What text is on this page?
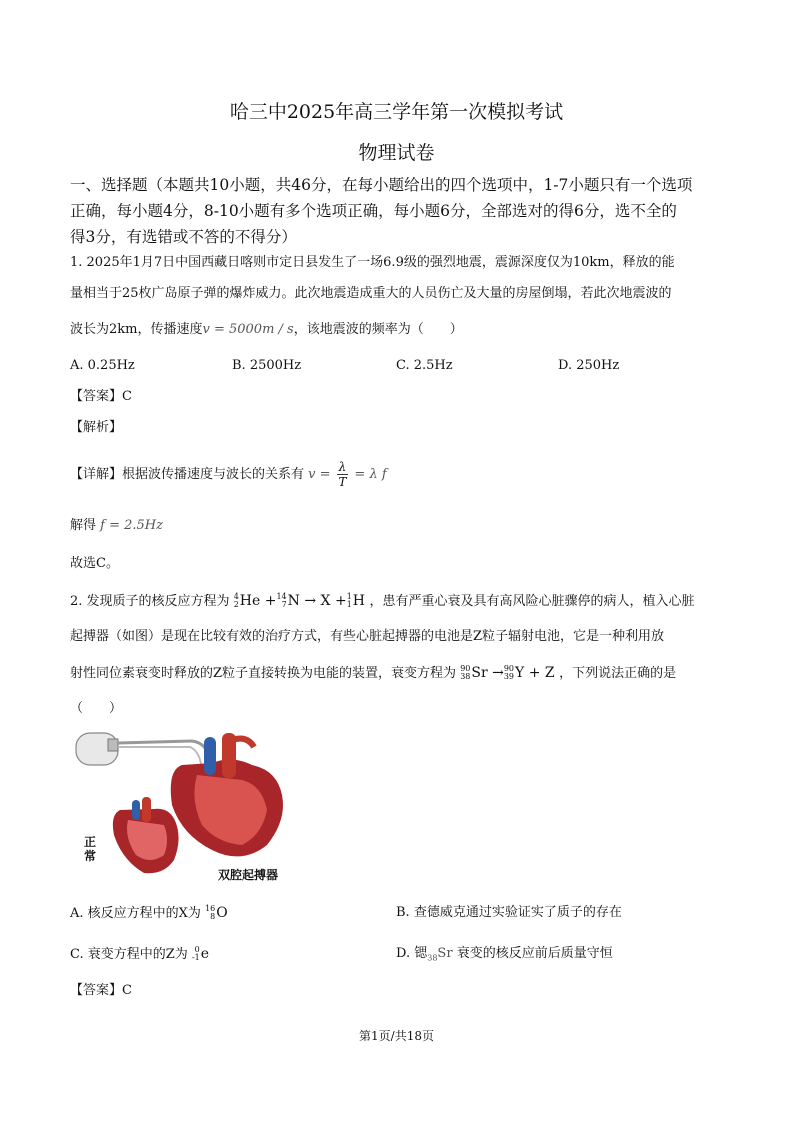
哈三中2025年高三学年第一次模拟考试
物理试卷
一、选择题（本题共10小题，共46分，在每小题给出的四个选项中，1-7小题只有一个选项
正确，每小题4分，8-10小题有多个选项正确，每小题6分，全部选对的得6分，选不全的
得3分，有选错或不答的不得分）
1. 2025年1月7日中国西藏日喀则市定日县发生了一场6.9级的强烈地震，震源深度仅为10km，释放的能
量相当于25枚广岛原子弹的爆炸威力。此次地震造成重大的人员伤亡及大量的房屋倒塌，若此次地震波的
波长为2km，传播速度v = 5000m / s，该地震波的频率为（　　）
A. 0.25Hz	B. 2500Hz	C. 2.5Hz	D. 250Hz
【答案】C
【解析】
【详解】根据波传播速度与波长的关系有 $v = \frac{\lambda}{T} = \lambda$ f
解得 f = 2.5Hz
故选C。
2. 发现质子的核反应方程为 4
2 He + 14
7 N → X + 1
1 H ，患有严重心衰及具有高风险心脏骤停的病人，植入心脏
起搏器（如图）是现在比较有效的治疗方式，有些心脏起搏器的电池是Z粒子辐射电池，它是一种利用放
射性同位素衰变时释放的Z粒子直接转换为电能的装置，衰变方程为 90
38 Sr → 90
39 Y + Z ，下列说法正确的是
（　　）
正常
双腔起搏器
A. 核反应方程中的X为 16
8 O	B. 查德威克通过实验证实了质子的存在
C. 衰变方程中的Z为 0
-1 e	D. 锶$_{38}$Sr 衰变的核反应前后质量守恒
【答案】C
第1页/共18页
